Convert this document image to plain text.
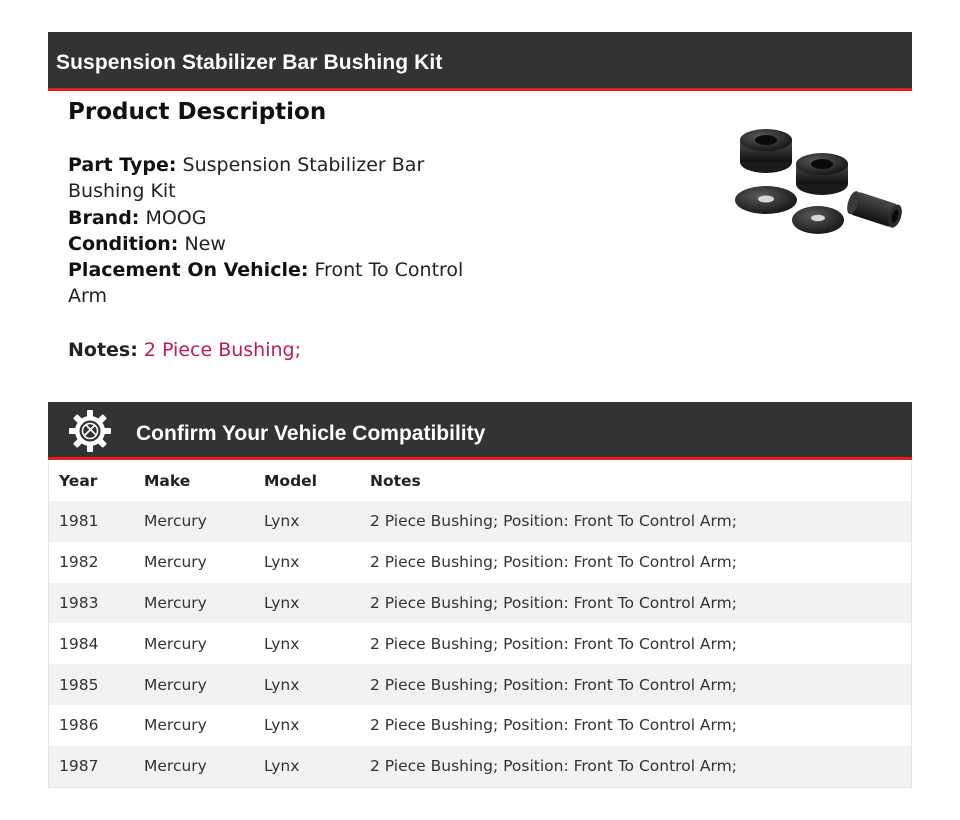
Suspension Stabilizer Bar Bushing Kit
Product Description
Part Type: Suspension Stabilizer Bar Bushing Kit
Brand: MOOG
Condition: New
Placement On Vehicle: Front To Control Arm
Notes: 2 Piece Bushing;
Confirm Your Vehicle Compatibility
Year	Make	Model	Notes
1981	Mercury	Lynx	2 Piece Bushing; Position: Front To Control Arm;
1982	Mercury	Lynx	2 Piece Bushing; Position: Front To Control Arm;
1983	Mercury	Lynx	2 Piece Bushing; Position: Front To Control Arm;
1984	Mercury	Lynx	2 Piece Bushing; Position: Front To Control Arm;
1985	Mercury	Lynx	2 Piece Bushing; Position: Front To Control Arm;
1986	Mercury	Lynx	2 Piece Bushing; Position: Front To Control Arm;
1987	Mercury	Lynx	2 Piece Bushing; Position: Front To Control Arm;
